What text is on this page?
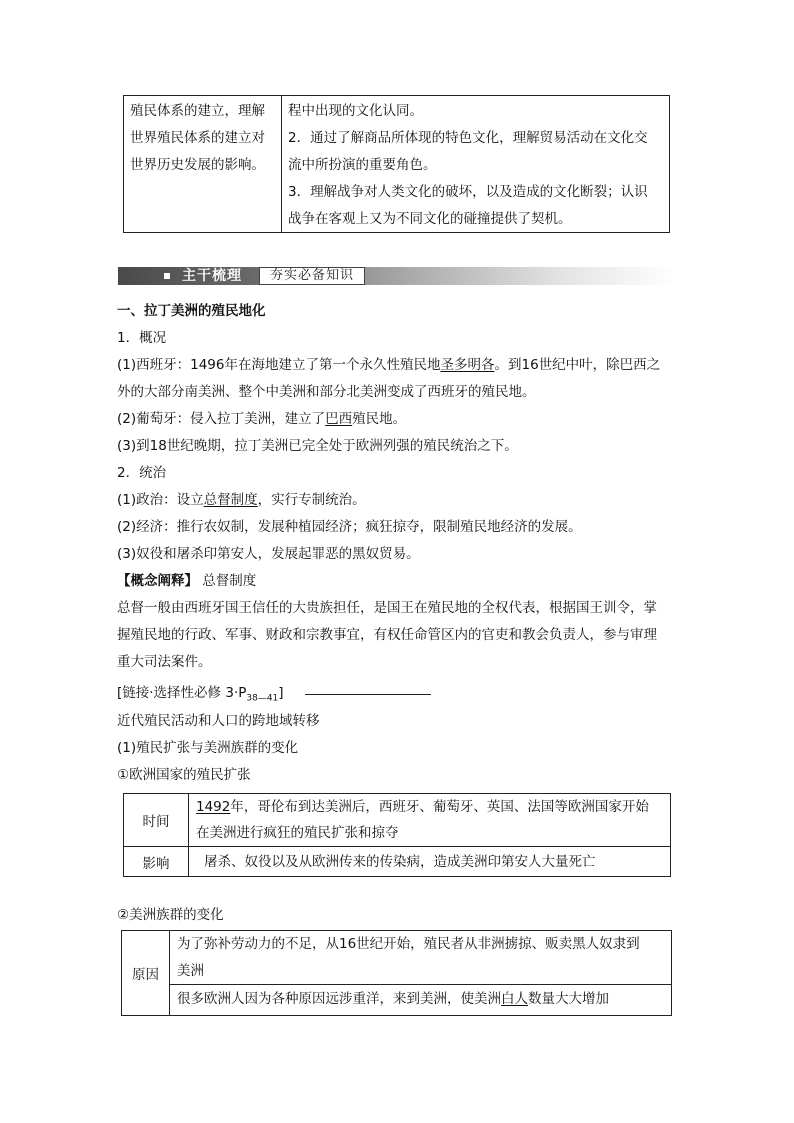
殖民体系的建立，理解
世界殖民体系的建立对
世界历史发展的影响。
程中出现的文化认同。
2．通过了解商品所体现的特色文化，理解贸易活动在文化交
流中所扮演的重要角色。
3．理解战争对人类文化的破坏，以及造成的文化断裂；认识
战争在客观上又为不同文化的碰撞提供了契机。
主干梳理	夯实必备知识
一、拉丁美洲的殖民地化
1．概况
(1)西班牙：1496年在海地建立了第一个永久性殖民地圣多明各。到16世纪中叶，除巴西之
外的大部分南美洲、整个中美洲和部分北美洲变成了西班牙的殖民地。
(2)葡萄牙：侵入拉丁美洲，建立了巴西殖民地。
(3)到18世纪晚期，拉丁美洲已完全处于欧洲列强的殖民统治之下。
2．统治
(1)政治：设立总督制度，实行专制统治。
(2)经济：推行农奴制，发展种植园经济；疯狂掠夺，限制殖民地经济的发展。
(3)奴役和屠杀印第安人，发展起罪恶的黑奴贸易。
【概念阐释】 总督制度
总督一般由西班牙国王信任的大贵族担任，是国王在殖民地的全权代表，根据国王训令，掌
握殖民地的行政、军事、财政和宗教事宜，有权任命管区内的官吏和教会负责人，参与审理
重大司法案件。
[链接·选择性必修 $3\cdot P_{38—41}$]
近代殖民活动和人口的跨地域转移
(1)殖民扩张与美洲族群的变化
①欧洲国家的殖民扩张
时间
1492年，哥伦布到达美洲后，西班牙、葡萄牙、英国、法国等欧洲国家开始
在美洲进行疯狂的殖民扩张和掠夺
影响	屠杀、奴役以及从欧洲传来的传染病，造成美洲印第安人大量死亡
②美洲族群的变化
原因
为了弥补劳动力的不足，从16世纪开始，殖民者从非洲掳掠、贩卖黑人奴隶到
美洲
很多欧洲人因为各种原因远涉重洋，来到美洲，使美洲白人数量大大增加
